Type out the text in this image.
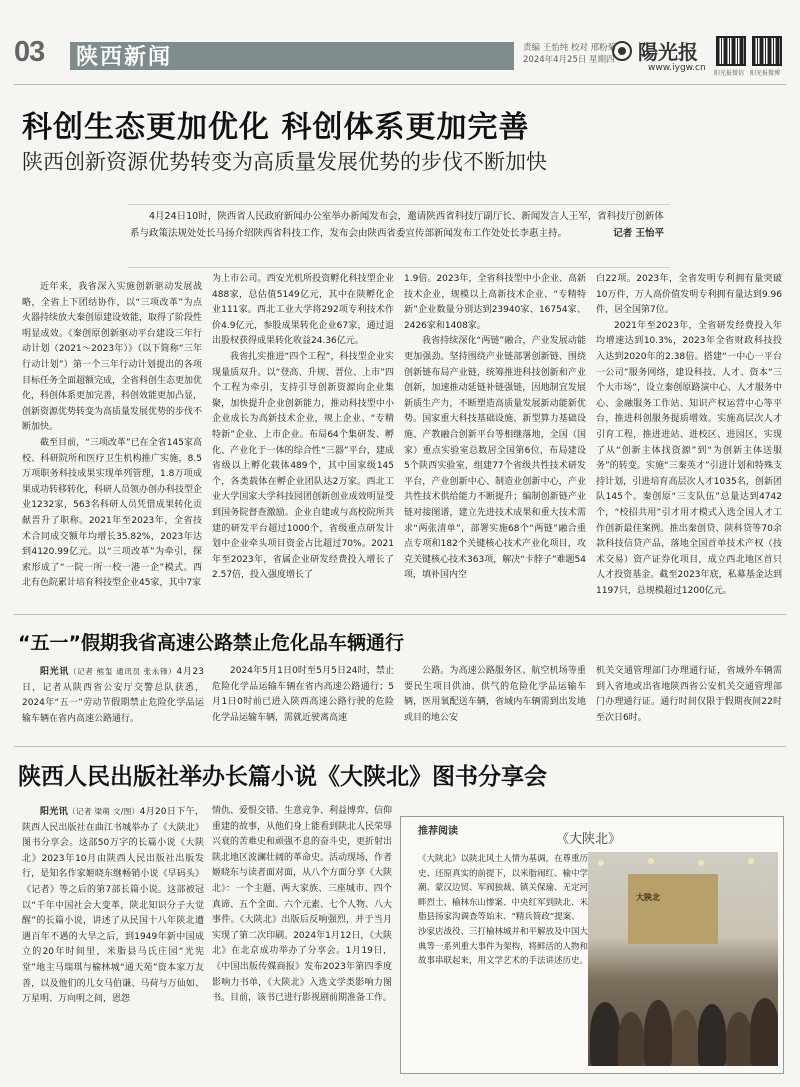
03 陕西新闻	责编 王怡纯 校对 邢粉菊
2024年4月25日 星期四	陽光报
www.iygw.cn
阳光报微信 阳光报微博
科创生态更加优化 科创体系更加完善
陕西创新资源优势转变为高质量发展优势的步伐不断加快
4月24日10时，陕西省人民政府新闻办公室举办新闻发布会，邀请陕西省科技厅副厅长、新闻发言人王军，省科技厅创新体系与政策法规处处长马扬介绍陕西省科技工作，发布会由陕西省委宣传部新闻发布工作处处长李惠主持。	记者 王怡平

近年来，我省深入实施创新驱动发展战略，全省上下团结协作，以“三项改革”为点火器持续放大秦创原建设效能，取得了阶段性明显成效。《秦创原创新驱动平台建设三年行动计划（2021～2023年）》（以下简称“三年行动计划”）第一个三年行动计划提出的各项目标任务全面超额完成，全省科创生态更加优化，科创体系更加完善，科创效能更加凸显，创新资源优势转变为高质量发展优势的步伐不断加快。

截至目前，“三项改革”已在全省145家高校、科研院所和医疗卫生机构推广实施，8.5万项职务科技成果实现单列管理，1.8万项成果成功转移转化，科研人员领办创办科技型企业1232家，563名科研人员凭借成果转化贡献晋升了职称。2021年至2023年，全省技术合同成交额年均增长35.82%，2023年达到4120.99亿元。以“三项改革”为牵引，探索形成了“一院一所一校一港一企”模式。西北有色院累计培育科技型企业45家，其中7家

为上市公司。西安光机所投资孵化科技型企业488家，总估值5149亿元，其中在陕孵化企业111家。西北工业大学将292项专利技术作价4.9亿元，参股成果转化企业67家，通过退出股权获得成果转化收益24.36亿元。

我省扎实推进“四个工程”，科技型企业实现量质双升。以“登高、升规、晋位、上市”四个工程为牵引，支持引导创新资源向企业集聚，加快提升企业创新能力，推动科技型中小企业成长为高新技术企业，规上企业、“专精特新”企业、上市企业。布局64个集研发、孵化、产业化于一体的综合性“三器”平台，建成省级以上孵化载体489个，其中国家级145个，各类载体在孵企业团队达2万家。西北工业大学国家大学科技园团创新创业成效明显受到国务院督查激励。企业自建或与高校院所共建的研发平台超过1000个，省级重点研发计划中企业牵头项目资金占比超过70%。2021年至2023年，省属企业研发经费投入增长了2.57倍，投入强度增长了

1.9倍。2023年，全省科技型中小企业、高新技术企业，规模以上高新技术企业、“专精特新”企业数量分别达到23940家、16754家、2426家和1408家。

我省持续深化“两链”融合，产业发展动能更加强劲。坚持围绕产业链部署创新链、围绕创新链布局产业链，统筹推进科技创新和产业创新，加速推动延链补链强链，因地制宜发展新质生产力，不断塑造高质量发展新动能新优势。国家重大科技基础设施、新型算力基础设施、产教融合创新平台等相继落地，全国（国家）重点实验室总数居全国第6位，布局建设5个陕西实验室，组建77个省级共性技术研发平台，产业创新中心、制造业创新中心，产业共性技术供给能力不断提升；编制创新链产业链对接图谱，建立先进技术成果和重大技术需求“两张清单”，部署实施68个“两链”融合重点专项和182个关键核心技术产业化项目，攻克关键核心技术363项，解决“卡脖子”难题54项，填补国内空

白22项。2023年，全省发明专利拥有量突破10万件，万人高价值发明专利拥有量达到9.96件，居全国第7位。

2021年至2023年，全省研发经费投入年均增速达到10.3%，2023年全省财政科技投入达到2020年的2.38倍。搭建“一中心一平台一公司”服务网络，建设科技、人才、资本“三个大市场”，设立秦创原路演中心、人才服务中心、金融服务工作站、知识产权运营中心等平台，推进科创服务提质增效。实施高层次人才引育工程，推进进站、进校区、进园区，实现了从“创新主体找资源”到“为创新主体送服务”的转变。实施“三秦英才”引进计划和特殊支持计划，引进培育高层次人才1035名，创新团队145个。秦创原“三支队伍”总量达到4742个，“校招共用”引才用才模式入选全国人才工作创新最佳案例。推出秦创贷、陕科贷等70余款科技信贷产品，落地全国首单技术产权（技术交易）资产证券化项目，成立西北地区首只人才投资基金。截至2023年底，私募基金达到1197只，总规模超过1200亿元。

“五一”假期我省高速公路禁止危化品车辆通行

阳光讯（记者 熊玺 通讯员 张永锋）4月23日，记者从陕西省公安厅交警总队获悉，2024年“五一”劳动节假期禁止危险化学品运输车辆在省内高速公路通行。

2024年5月1日0时至5月5日24时，禁止危险化学品运输车辆在省内高速公路通行；5月1日0时前已进入陕西高速公路行驶的危险化学品运输车辆，需就近驶离高速

公路。为高速公路服务区、航空机场等重要民生项目供油、供气的危险化学品运输车辆，医用氧配送车辆，省域内车辆需到出发地或目的地公安

机关交通管理部门办理通行证，省域外车辆需到入省地或出省地陕西省公安机关交通管理部门办理通行证。通行时间仅限于假期夜间22时至次日6时。

陕西人民出版社举办长篇小说《大陕北》图书分享会

阳光讯（记者 梁萌 文/图）4月20日下午，陕西人民出版社在曲江书城举办了《大陕北》图书分享会。这部50万字的长篇小说《大陕北》2023年10月由陕西人民出版社出版发行，是知名作家姬晓东继畅销小说《早码头》《记者》等之后的第7部长篇小说。这部被冠以“千年中国社会大变革，陕北知识分子大觉醒”的长篇小说，讲述了从民国十八年陕北遭遇百年不遇的大旱之后，到1949年新中国成立的20年时间里，米脂县马氏庄园“光宪堂”地主马瑞琪与榆林城“通天苑”资本家万友善，以及他们的儿女马伯谦、马荷与万仙如、万星明、万向明之间，恩怨

情仇、爱恨交错、生意竞争、利益博弈、信仰重建的故事，从他们身上能看到陕北人民荣辱兴衰的苦难史和顽强不息的奋斗史，更折射出陕北地区波澜壮阔的革命史。活动现场，作者姬晓东与读者面对面，从八个方面分享《大陕北》：一个主题、两大家族、三座城市、四个真谛、五个全面、六个元素、七个人物、八大事件。《大陕北》出版后反响强烈，并于当月实现了第二次印刷。2024年1月12日，《大陕北》在北京成功举办了分享会。1月19日，《中国出版传媒商报》发布2023年第四季度影响力书单，《大陕北》入选文学类影响力图书。目前，该书已进行影视剧前期准备工作。

推荐阅读
《大陕北》
《大陕北》以陕北风土人情为基调，在尊重历史、还原真实的前提下，以米脂闹红、榆中学潮、蒙汉边贸、军阀独裁、镇关保瑜、无定河畔烈士、榆林东山惨案、中央红军到陕北、米脂县扬家沟调查等始末、“精兵简政”提案、沙家店战役、三打榆林城并和平解放及中国大典等一系列重大事件为架构，将鲜活的人物和故事串联起来，用文学艺术的手法讲述历史。
大陕北
